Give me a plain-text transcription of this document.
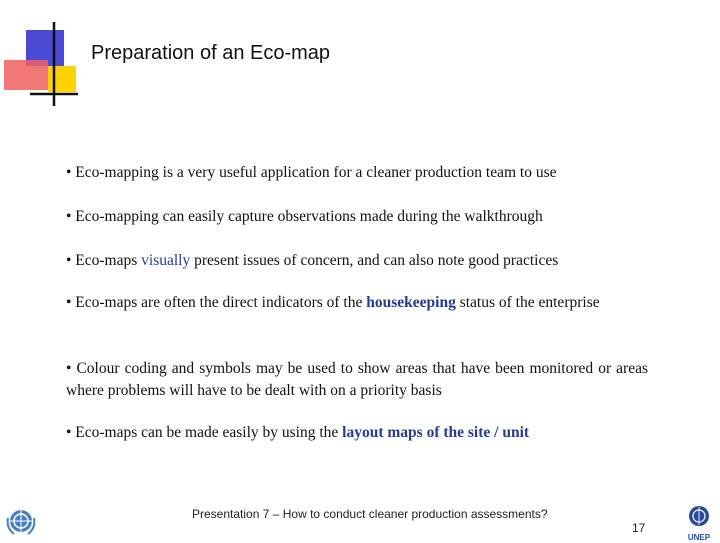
Preparation of an Eco-map
• Eco-mapping is a very useful application for a cleaner production team to use
• Eco-mapping can easily capture observations made during the walkthrough
• Eco-maps visually present issues of concern, and can also note good practices
• Eco-maps are often the direct indicators of the housekeeping status of the enterprise
• Colour coding and symbols may be used to show areas that have been monitored or areas where problems will have to be dealt with on a priority basis
• Eco-maps can be made easily by using the layout maps of the site / unit
Presentation 7 – How to conduct cleaner production assessments?
17
UNEP
